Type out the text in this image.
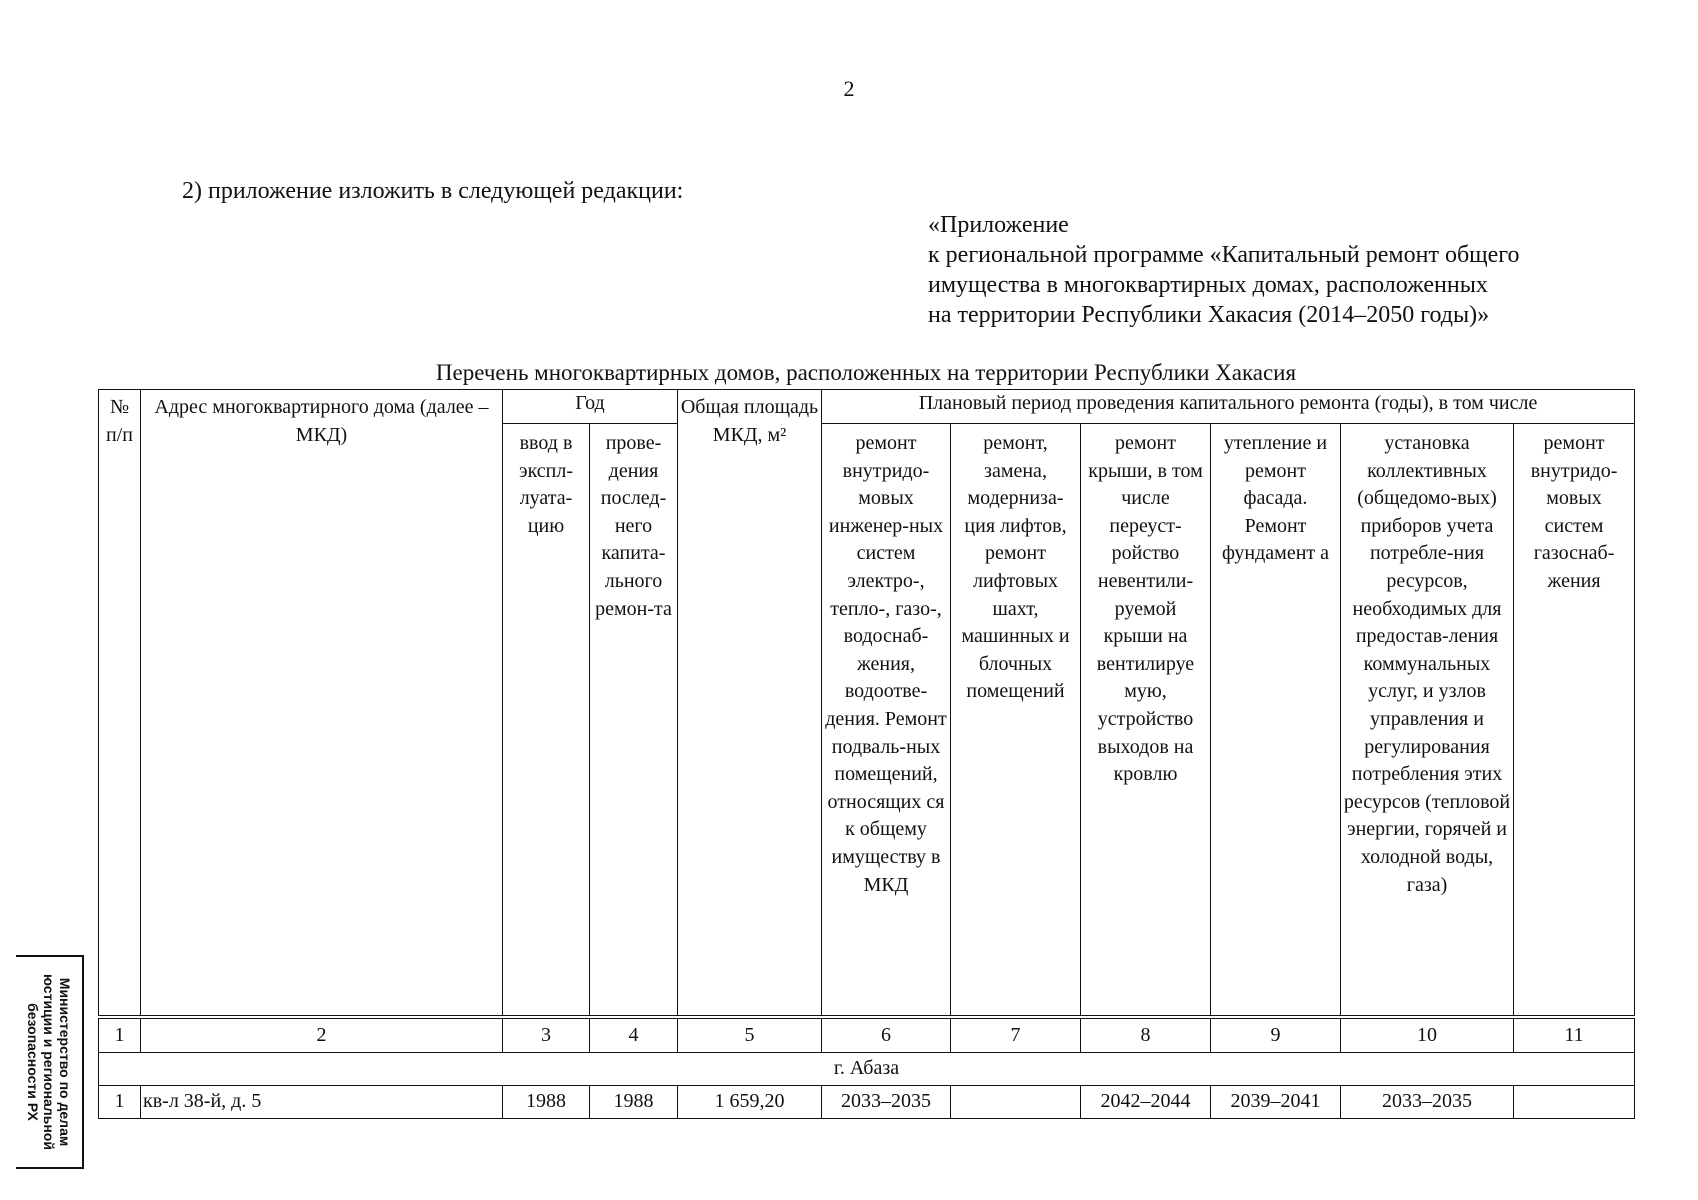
2
2) приложение изложить в следующей редакции:
«Приложение
к региональной программе «Капитальный ремонт общего
имущества в многоквартирных домах, расположенных
на территории Республики Хакасия (2014–2050 годы)»
Перечень многоквартирных домов, расположенных на территории Республики Хакасия
№ п/п	Адрес многоквартирного дома (далее – МКД)	Год		Общая площадь МКД, м²	Плановый период проведения капитального ремонта (годы), в том числе					
		ввод в экспл-луата-цию	прове-дения послед-него капита-льного ремон-та		ремонт внутридо-мовых инженер-ных систем электро-, тепло-, газо-, водоснаб-жения, водоотве-дения. Ремонт подваль-ных помещений, относящих ся к общему имуществу в МКД	ремонт, замена, модерниза-ция лифтов, ремонт лифтовых шахт, машинных и блочных помещений	ремонт крыши, в том числе переуст-ройство невентили-руемой крыши на вентилируе мую, устройство выходов на кровлю	утепление и ремонт фасада. Ремонт фундамент а	установка коллективных (общедомо-вых) приборов учета потребле-ния ресурсов, необходимых для предостав-ления коммунальных услуг, и узлов управления и регулирования потребления этих ресурсов (тепловой энергии, горячей и холодной воды, газа)	ремонт внутридо-мовых систем газоснаб-жения
1	2	3	4	5	6	7	8	9	10	11
г. Абаза										
1	кв-л 38-й, д. 5	1988	1988	1 659,20	2033–2035		2042–2044	2039–2041	2033–2035	
Министерство по делам
юстиции и региональной
безопасности РХ
